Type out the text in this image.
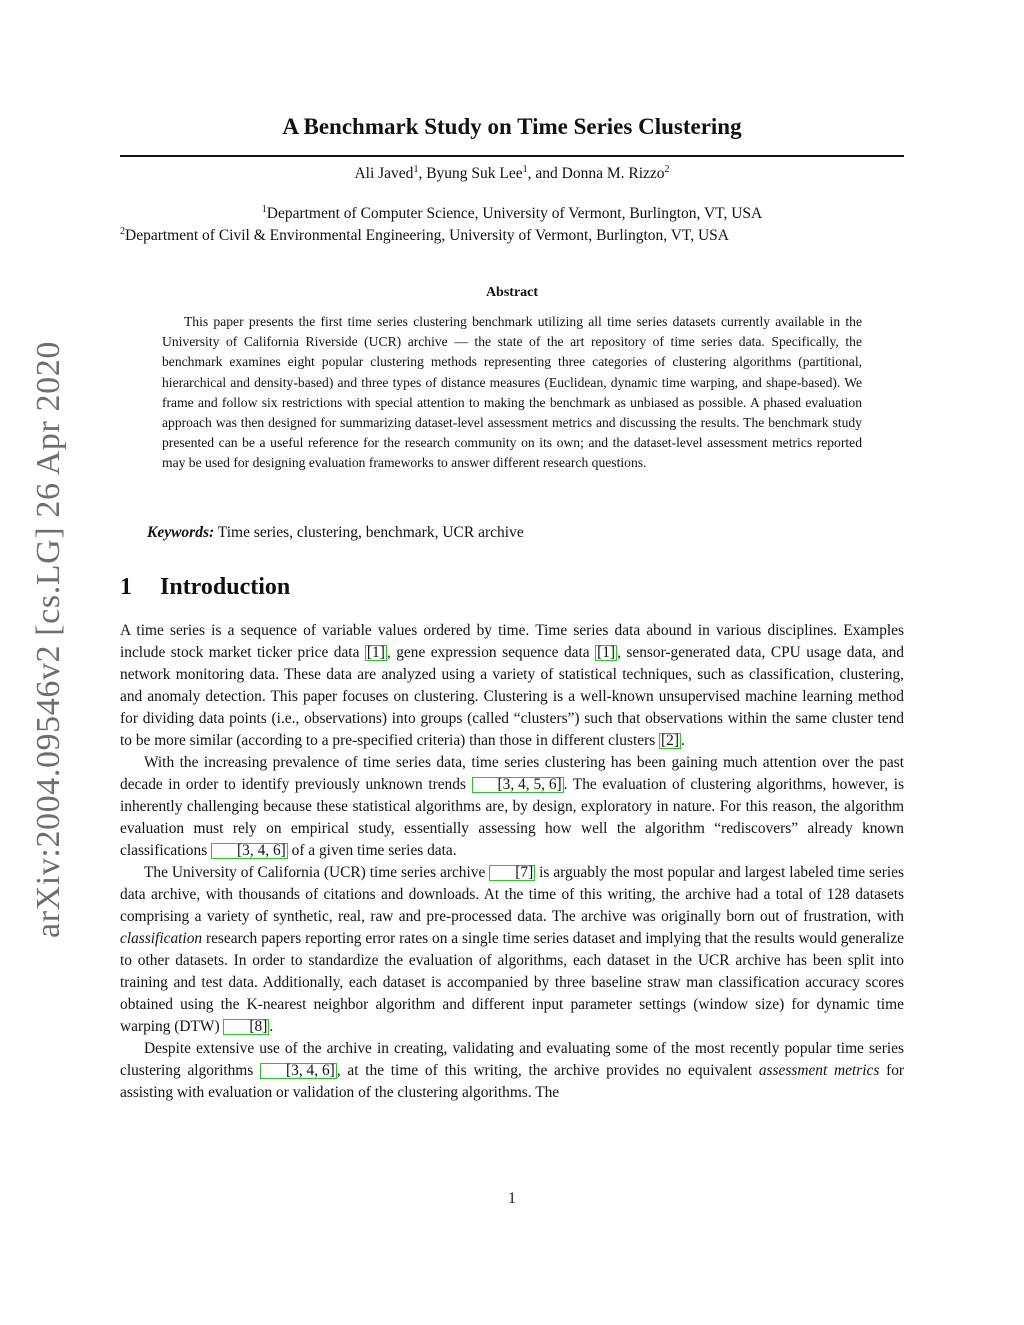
arXiv:2004.09546v2 [cs.LG] 26 Apr 2020
A Benchmark Study on Time Series Clustering
Ali Javed$^1$, Byung Suk Lee$^1$, and Donna M. Rizzo$^2$
$^1$Department of Computer Science, University of Vermont, Burlington, VT, USA
$^2$Department of Civil & Environmental Engineering, University of Vermont, Burlington, VT, USA
Abstract
This paper presents the first time series clustering benchmark utilizing all time series datasets currently available in the University of California Riverside (UCR) archive — the state of the art repository of time series data. Specifically, the benchmark examines eight popular clustering methods representing three categories of clustering algorithms (partitional, hierarchical and density-based) and three types of distance measures (Euclidean, dynamic time warping, and shape-based). We frame and follow six restrictions with special attention to making the benchmark as unbiased as possible. A phased evaluation approach was then designed for summarizing dataset-level assessment metrics and discussing the results. The benchmark study presented can be a useful reference for the research community on its own; and the dataset-level assessment metrics reported may be used for designing evaluation frameworks to answer different research questions.
Keywords: Time series, clustering, benchmark, UCR archive
1 Introduction

A time series is a sequence of variable values ordered by time. Time series data abound in various disciplines. Examples include stock market ticker price data [1] , gene expression sequence data [1] , sensor-generated data, CPU usage data, and network monitoring data. These data are analyzed using a variety of statistical techniques, such as classification, clustering, and anomaly detection. This paper focuses on clustering. Clustering is a well-known unsupervised machine learning method for dividing data points (i.e., observations) into groups (called “clusters”) such that observations within the same cluster tend to be more similar (according to a pre-specified criteria) than those in different clusters [2] .

With the increasing prevalence of time series data, time series clustering has been gaining much attention over the past decade in order to identify previously unknown trends [3, 4, 5, 6] . The evaluation of clustering algorithms, however, is inherently challenging because these statistical algorithms are, by design, exploratory in nature. For this reason, the algorithm evaluation must rely on empirical study, essentially assessing how well the algorithm “rediscovers” already known classifications [3, 4, 6] of a given time series data.

The University of California (UCR) time series archive [7] is arguably the most popular and largest labeled time series data archive, with thousands of citations and downloads. At the time of this writing, the archive had a total of 128 datasets comprising a variety of synthetic, real, raw and pre-processed data. The archive was originally born out of frustration, with classification research papers reporting error rates on a single time series dataset and implying that the results would generalize to other datasets. In order to standardize the evaluation of algorithms, each dataset in the UCR archive has been split into training and test data. Additionally, each dataset is accompanied by three baseline straw man classification accuracy scores obtained using the K-nearest neighbor algorithm and different input parameter settings (window size) for dynamic time warping (DTW) [8] .

Despite extensive use of the archive in creating, validating and evaluating some of the most recently popular time series clustering algorithms [3, 4, 6] , at the time of this writing, the archive provides no equivalent assessment metrics for assisting with evaluation or validation of the clustering algorithms. The

1
